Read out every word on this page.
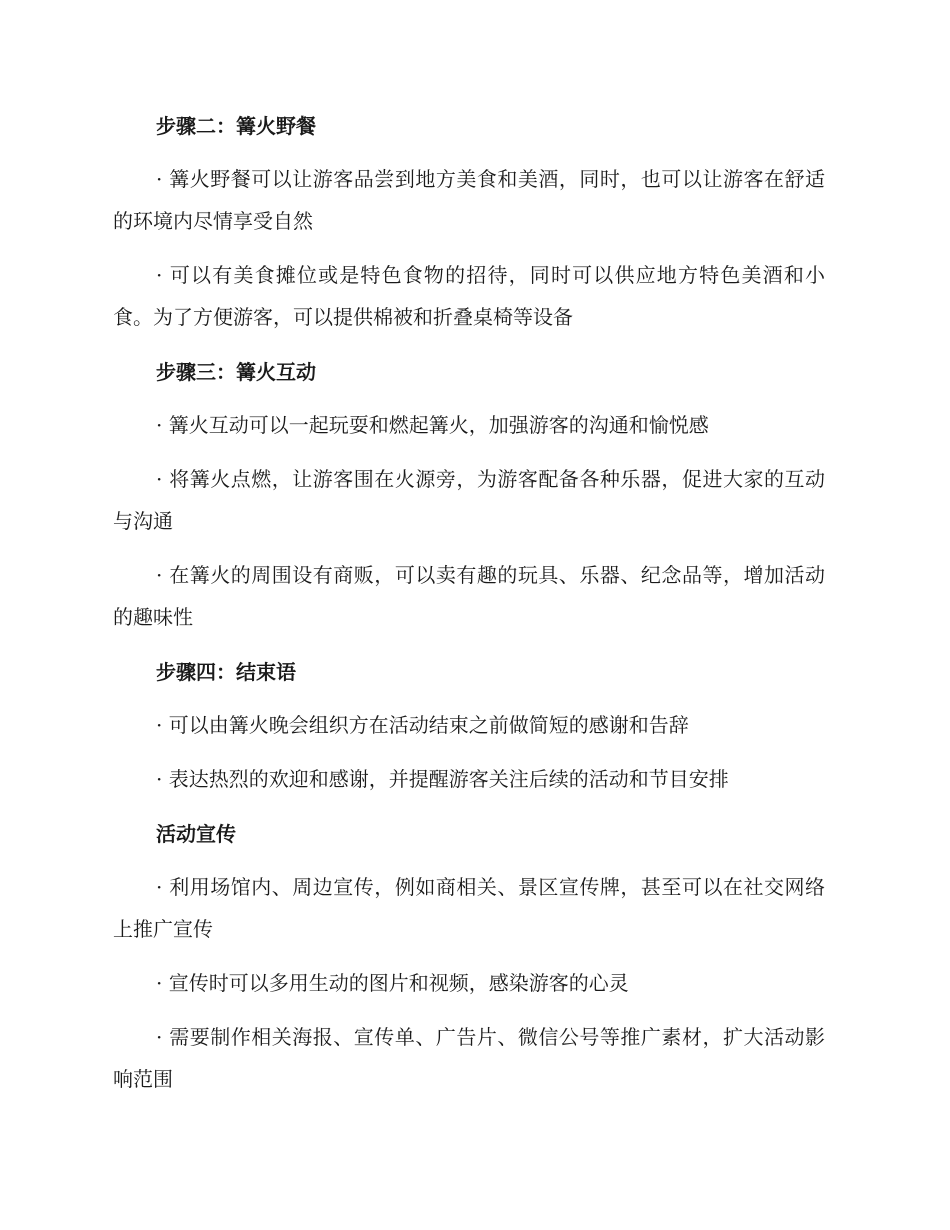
步骤二：篝火野餐

· 篝火野餐可以让游客品尝到地方美食和美酒，同时，也可以让游客在舒适的环境内尽情享受自然

· 可以有美食摊位或是特色食物的招待，同时可以供应地方特色美酒和小食。为了方便游客，可以提供棉被和折叠桌椅等设备

步骤三：篝火互动

· 篝火互动可以一起玩耍和燃起篝火，加强游客的沟通和愉悦感

· 将篝火点燃，让游客围在火源旁，为游客配备各种乐器，促进大家的互动与沟通

· 在篝火的周围设有商贩，可以卖有趣的玩具、乐器、纪念品等，增加活动的趣味性

步骤四：结束语

· 可以由篝火晚会组织方在活动结束之前做简短的感谢和告辞

· 表达热烈的欢迎和感谢，并提醒游客关注后续的活动和节目安排

活动宣传

· 利用场馆内、周边宣传，例如商相关、景区宣传牌，甚至可以在社交网络上推广宣传

· 宣传时可以多用生动的图片和视频，感染游客的心灵

· 需要制作相关海报、宣传单、广告片、微信公号等推广素材，扩大活动影响范围
